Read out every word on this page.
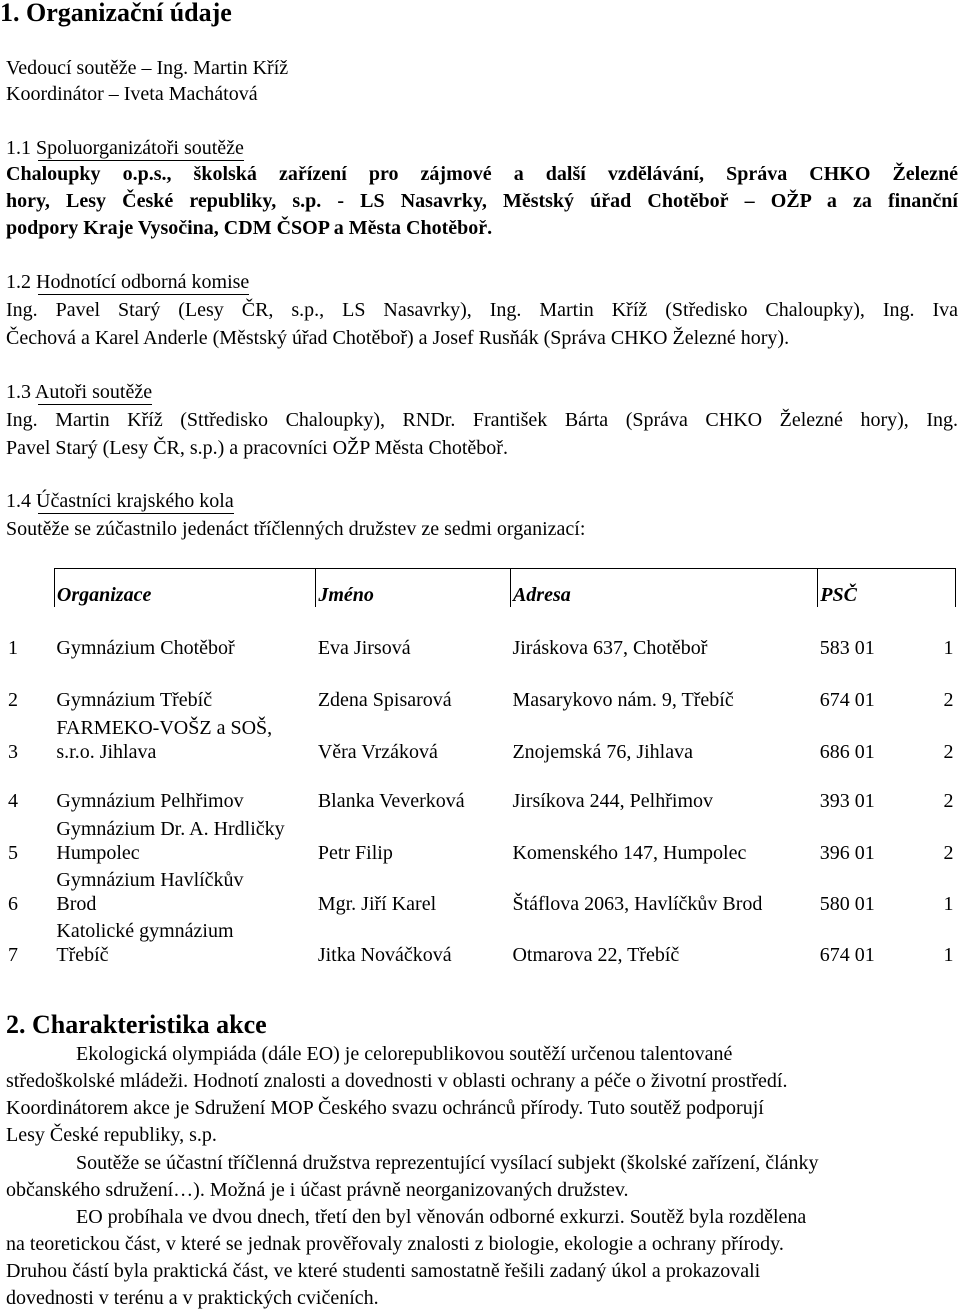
1. Organizační údaje
Vedoucí soutěže – Ing. Martin Kříž
Koordinátor – Iveta Machátová
1.1 Spoluorganizátoři soutěže
Chaloupky o.p.s., školská zařízení pro zájmové a další vzdělávání, Správa CHKO Železné
hory, Lesy České republiky, s.p. - LS Nasavrky, Městský úřad Chotěboř – OŽP a za finanční
podpory Kraje Vysočina, CDM ČSOP a Města Chotěboř.
1.2 Hodnotící odborná komise
Ing. Pavel Starý (Lesy ČR, s.p., LS Nasavrky), Ing. Martin Kříž (Středisko Chaloupky), Ing. Iva
Čechová a Karel Anderle (Městský úřad Chotěboř) a Josef Rusňák (Správa CHKO Železné hory).
1.3 Autoři soutěže
Ing. Martin Kříž (Sttředisko Chaloupky), RNDr. František Bárta (Správa CHKO Železné hory), Ing.
Pavel Starý (Lesy ČR, s.p.) a pracovníci OŽP Města Chotěboř.
1.4 Účastníci krajského kola
Soutěže se zúčastnilo jedenáct tříčlenných družstev ze sedmi organizací:
	Organizace	Jméno	Adresa	PSČ	
1	Gymnázium Chotěboř	Eva Jirsová	Jiráskova 637, Chotěboř	583 01	1
2	Gymnázium Třebíč	Zdena Spisarová	Masarykovo nám. 9, Třebíč	674 01	2
3	FARMEKO-VOŠZ a SOŠ,
s.r.o. Jihlava	Věra Vrzáková	Znojemská 76, Jihlava	686 01	2
4	Gymnázium Pelhřimov	Blanka Veverková	Jirsíkova 244, Pelhřimov	393 01	2
5	Gymnázium Dr. A. Hrdličky
Humpolec	Petr Filip	Komenského 147, Humpolec	396 01	2
6	Gymnázium Havlíčkův
Brod	Mgr. Jiří Karel	Štáflova 2063, Havlíčkův Brod	580 01	1
7	Katolické gymnázium
Třebíč	Jitka Nováčková	Otmarova 22, Třebíč	674 01	1
2. Charakteristika akce
Ekologická olympiáda (dále EO) je celorepublikovou soutěží určenou talentované
středoškolské mládeži. Hodnotí znalosti a dovednosti v oblasti ochrany a péče o životní prostředí.
Koordinátorem akce je Sdružení MOP Českého svazu ochránců přírody. Tuto soutěž podporují
Lesy České republiky, s.p.
Soutěže se účastní tříčlenná družstva reprezentující vysílací subjekt (školské zařízení, články
občanského sdružení…). Možná je i účast právně neorganizovaných družstev.
EO probíhala ve dvou dnech, třetí den byl věnován odborné exkurzi. Soutěž byla rozdělena
na teoretickou část, v které se jednak prověřovaly znalosti z biologie, ekologie a ochrany přírody.
Druhou částí byla praktická část, ve které studenti samostatně řešili zadaný úkol a prokazovali
dovednosti v terénu a v praktických cvičeních.
